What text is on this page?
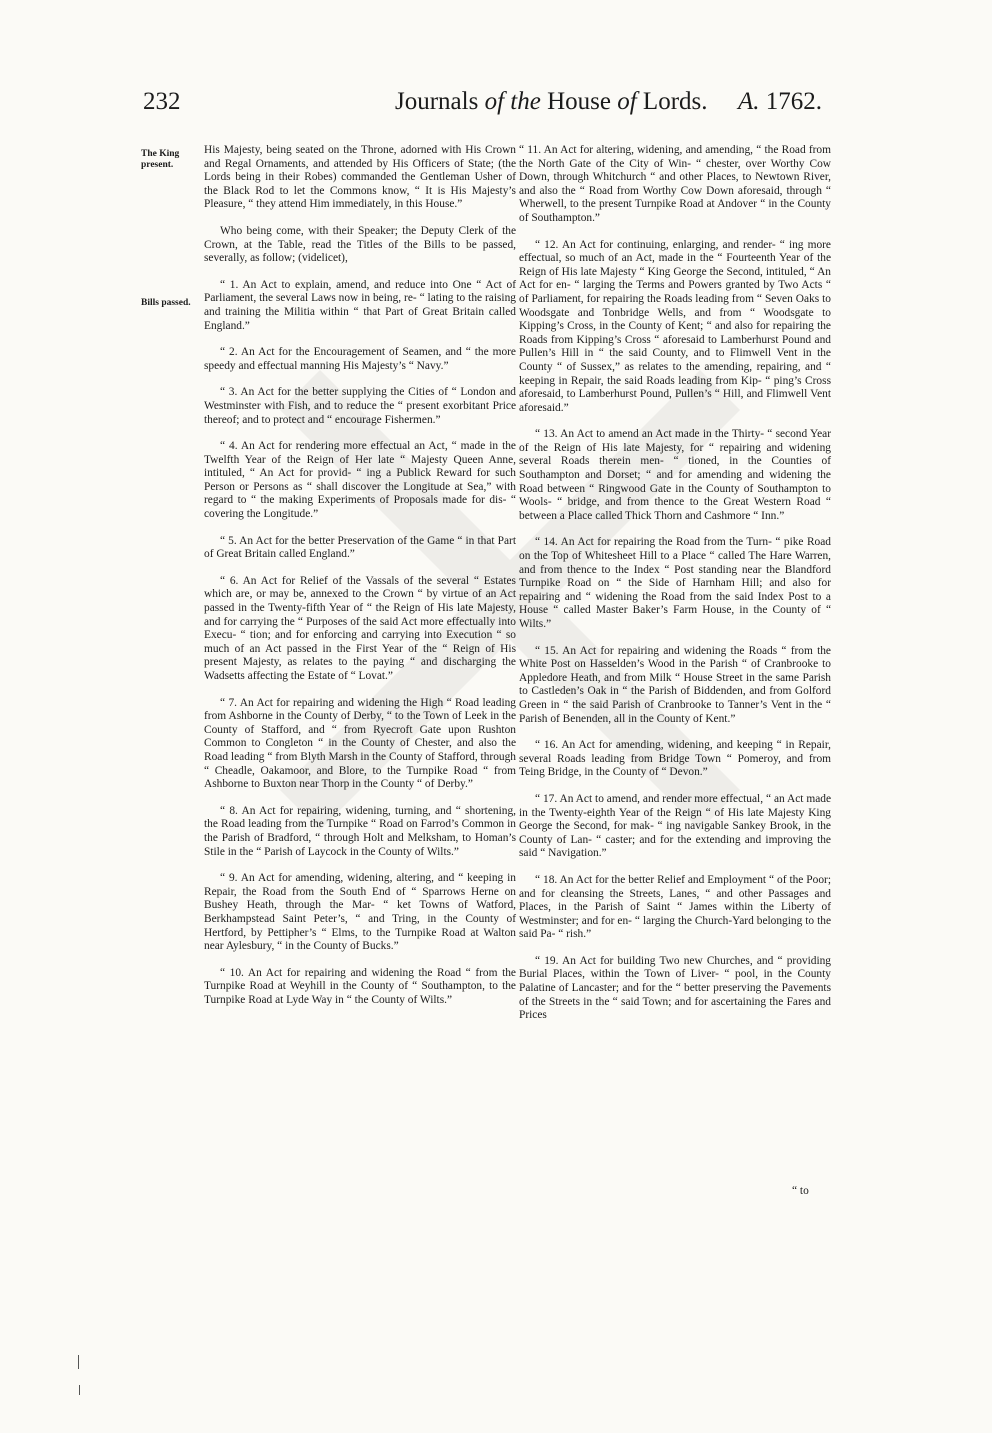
232	Journals of the House of Lords. A. 1762.
The King present.
Bills passed.

His Majesty, being seated on the Throne, adorned with His Crown and Regal Ornaments, and attended by His Officers of State; (the Lords being in their Robes) commanded the Gentleman Usher of the Black Rod to let the Commons know, “ It is His Majesty’s Pleasure, “ they attend Him immediately, in this House.”

Who being come, with their Speaker; the Deputy Clerk of the Crown, at the Table, read the Titles of the Bills to be passed, severally, as follow; (videlicet),

“ 1. An Act to explain, amend, and reduce into One “ Act of Parliament, the several Laws now in being, re- “ lating to the raising and training the Militia within “ that Part of Great Britain called England.”

“ 2. An Act for the Encouragement of Seamen, and “ the more speedy and effectual manning His Majesty’s “ Navy.”

“ 3. An Act for the better supplying the Cities of “ London and Westminster with Fish, and to reduce the “ present exorbitant Price thereof; and to protect and “ encourage Fishermen.”

“ 4. An Act for rendering more effectual an Act, “ made in the Twelfth Year of the Reign of Her late “ Majesty Queen Anne, intituled, “ An Act for provid- “ ing a Publick Reward for such Person or Persons as “ shall discover the Longitude at Sea,” with regard to “ the making Experiments of Proposals made for dis- “ covering the Longitude.”

“ 5. An Act for the better Preservation of the Game “ in that Part of Great Britain called England.”

“ 6. An Act for Relief of the Vassals of the several “ Estates which are, or may be, annexed to the Crown “ by virtue of an Act passed in the Twenty-fifth Year of “ the Reign of His late Majesty, and for carrying the “ Purposes of the said Act more effectually into Execu- “ tion; and for enforcing and carrying into Execution “ so much of an Act passed in the First Year of the “ Reign of His present Majesty, as relates to the paying “ and discharging the Wadsetts affecting the Estate of “ Lovat.”

“ 7. An Act for repairing and widening the High “ Road leading from Ashborne in the County of Derby, “ to the Town of Leek in the County of Stafford, and “ from Ryecroft Gate upon Rushton Common to Congleton “ in the County of Chester, and also the Road leading “ from Blyth Marsh in the County of Stafford, through “ Cheadle, Oakamoor, and Blore, to the Turnpike Road “ from Ashborne to Buxton near Thorp in the County “ of Derby.”

“ 8. An Act for repairing, widening, turning, and “ shortening, the Road leading from the Turnpike “ Road on Farrod’s Common in the Parish of Bradford, “ through Holt and Melksham, to Homan’s Stile in the “ Parish of Laycock in the County of Wilts.”

“ 9. An Act for amending, widening, altering, and “ keeping in Repair, the Road from the South End of “ Sparrows Herne on Bushey Heath, through the Mar- “ ket Towns of Watford, Berkhampstead Saint Peter’s, “ and Tring, in the County of Hertford, by Pettipher’s “ Elms, to the Turnpike Road at Walton near Aylesbury, “ in the County of Bucks.”

“ 10. An Act for repairing and widening the Road “ from the Turnpike Road at Weyhill in the County of “ Southampton, to the Turnpike Road at Lyde Way in “ the County of Wilts.”

“ 11. An Act for altering, widening, and amending, “ the Road from the North Gate of the City of Win- “ chester, over Worthy Cow Down, through Whitchurch “ and other Places, to Newtown River, and also the “ Road from Worthy Cow Down aforesaid, through “ Wherwell, to the present Turnpike Road at Andover “ in the County of Southampton.”

“ 12. An Act for continuing, enlarging, and render- “ ing more effectual, so much of an Act, made in the “ Fourteenth Year of the Reign of His late Majesty “ King George the Second, intituled, “ An Act for en- “ larging the Terms and Powers granted by Two Acts “ of Parliament, for repairing the Roads leading from “ Seven Oaks to Woodsgate and Tonbridge Wells, and from “ Woodsgate to Kipping’s Cross, in the County of Kent; “ and also for repairing the Roads from Kipping’s Cross “ aforesaid to Lamberhurst Pound and Pullen’s Hill in “ the said County, and to Flimwell Vent in the County “ of Sussex,” as relates to the amending, repairing, and “ keeping in Repair, the said Roads leading from Kip- “ ping’s Cross aforesaid, to Lamberhurst Pound, Pullen’s “ Hill, and Flimwell Vent aforesaid.”

“ 13. An Act to amend an Act made in the Thirty- “ second Year of the Reign of His late Majesty, for “ repairing and widening several Roads therein men- “ tioned, in the Counties of Southampton and Dorset; “ and for amending and widening the Road between “ Ringwood Gate in the County of Southampton to Wools- “ bridge, and from thence to the Great Western Road “ between a Place called Thick Thorn and Cashmore “ Inn.”

“ 14. An Act for repairing the Road from the Turn- “ pike Road on the Top of Whitesheet Hill to a Place “ called The Hare Warren, and from thence to the Index “ Post standing near the Blandford Turnpike Road on “ the Side of Harnham Hill; and also for repairing and “ widening the Road from the said Index Post to a House “ called Master Baker’s Farm House, in the County of “ Wilts.”

“ 15. An Act for repairing and widening the Roads “ from the White Post on Hasselden’s Wood in the Parish “ of Cranbrooke to Appledore Heath, and from Milk “ House Street in the same Parish to Castleden’s Oak in “ the Parish of Biddenden, and from Golford Green in “ the said Parish of Cranbrooke to Tanner’s Vent in the “ Parish of Benenden, all in the County of Kent.”

“ 16. An Act for amending, widening, and keeping “ in Repair, several Roads leading from Bridge Town “ Pomeroy, and from Teing Bridge, in the County of “ Devon.”

“ 17. An Act to amend, and render more effectual, “ an Act made in the Twenty-eighth Year of the Reign “ of His late Majesty King George the Second, for mak- “ ing navigable Sankey Brook, in the County of Lan- “ caster; and for the extending and improving the said “ Navigation.”

“ 18. An Act for the better Relief and Employment “ of the Poor; and for cleansing the Streets, Lanes, “ and other Passages and Places, in the Parish of Saint “ James within the Liberty of Westminster; and for en- “ larging the Church-Yard belonging to the said Pa- “ rish.”

“ 19. An Act for building Two new Churches, and “ providing Burial Places, within the Town of Liver- “ pool, in the County Palatine of Lancaster; and for the “ better preserving the Pavements of the Streets in the “ said Town; and for ascertaining the Fares and Prices

“ to
